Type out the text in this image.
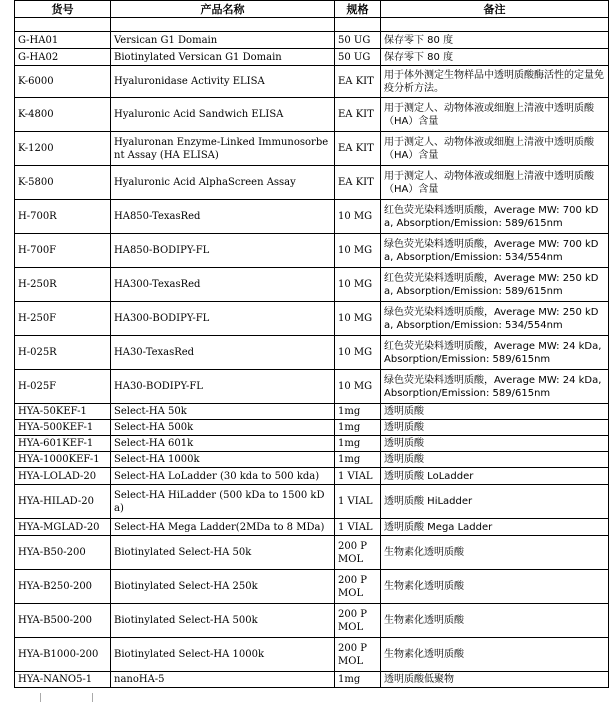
货号	产品名称	规格	备注

G-HA01	Versican G1 Domain	50 UG	保存零下 80 度
G-HA02	Biotinylated Versican G1 Domain	50 UG	保存零下 80 度
K-6000	Hyaluronidase Activity ELISA	EA KIT	用于体外测定生物样品中透明质酸酶活性的定量免疫分析方法。
K-4800	Hyaluronic Acid Sandwich ELISA	EA KIT	用于测定人、动物体液或细胞上清液中透明质酸（HA）含量
K-1200	Hyaluronan Enzyme-Linked Immunosorbent Assay (HA ELISA)	EA KIT	用于测定人、动物体液或细胞上清液中透明质酸（HA）含量
K-5800	Hyaluronic Acid AlphaScreen Assay	EA KIT	用于测定人、动物体液或细胞上清液中透明质酸（HA）含量
H-700R	HA850-TexasRed	10 MG	红色荧光染料透明质酸，Average MW: 700 kDa, Absorption/Emission: 589/615nm
H-700F	HA850-BODIPY-FL	10 MG	绿色荧光染料透明质酸，Average MW: 700 kDa, Absorption/Emission: 534/554nm
H-250R	HA300-TexasRed	10 MG	红色荧光染料透明质酸，Average MW: 250 kDa, Absorption/Emission: 589/615nm
H-250F	HA300-BODIPY-FL	10 MG	绿色荧光染料透明质酸，Average MW: 250 kDa, Absorption/Emission: 534/554nm
H-025R	HA30-TexasRed	10 MG	红色荧光染料透明质酸，Average MW: 24 kDa, Absorption/Emission: 589/615nm
H-025F	HA30-BODIPY-FL	10 MG	绿色荧光染料透明质酸，Average MW: 24 kDa, Absorption/Emission: 589/615nm
HYA-50KEF-1	Select-HA 50k	1mg	透明质酸
HYA-500KEF-1	Select-HA 500k	1mg	透明质酸
HYA-601KEF-1	Select-HA 601k	1mg	透明质酸
HYA-1000KEF-1	Select-HA 1000k	1mg	透明质酸
HYA-LOLAD-20	Select-HA LoLadder (30 kda to 500 kda)	1 VIAL	透明质酸 LoLadder
HYA-HILAD-20	Select-HA HiLadder (500 kDa to 1500 kDa)	1 VIAL	透明质酸 HiLadder
HYA-MGLAD-20	Select-HA Mega Ladder(2MDa to 8 MDa)	1 VIAL	透明质酸 Mega Ladder
HYA-B50-200	Biotinylated Select-HA 50k	200 PMOL	生物素化透明质酸
HYA-B250-200	Biotinylated Select-HA 250k	200 PMOL	生物素化透明质酸
HYA-B500-200	Biotinylated Select-HA 500k	200 PMOL	生物素化透明质酸
HYA-B1000-200	Biotinylated Select-HA 1000k	200 PMOL	生物素化透明质酸
HYA-NANO5-1	nanoHA-5	1mg	透明质酸低聚物
